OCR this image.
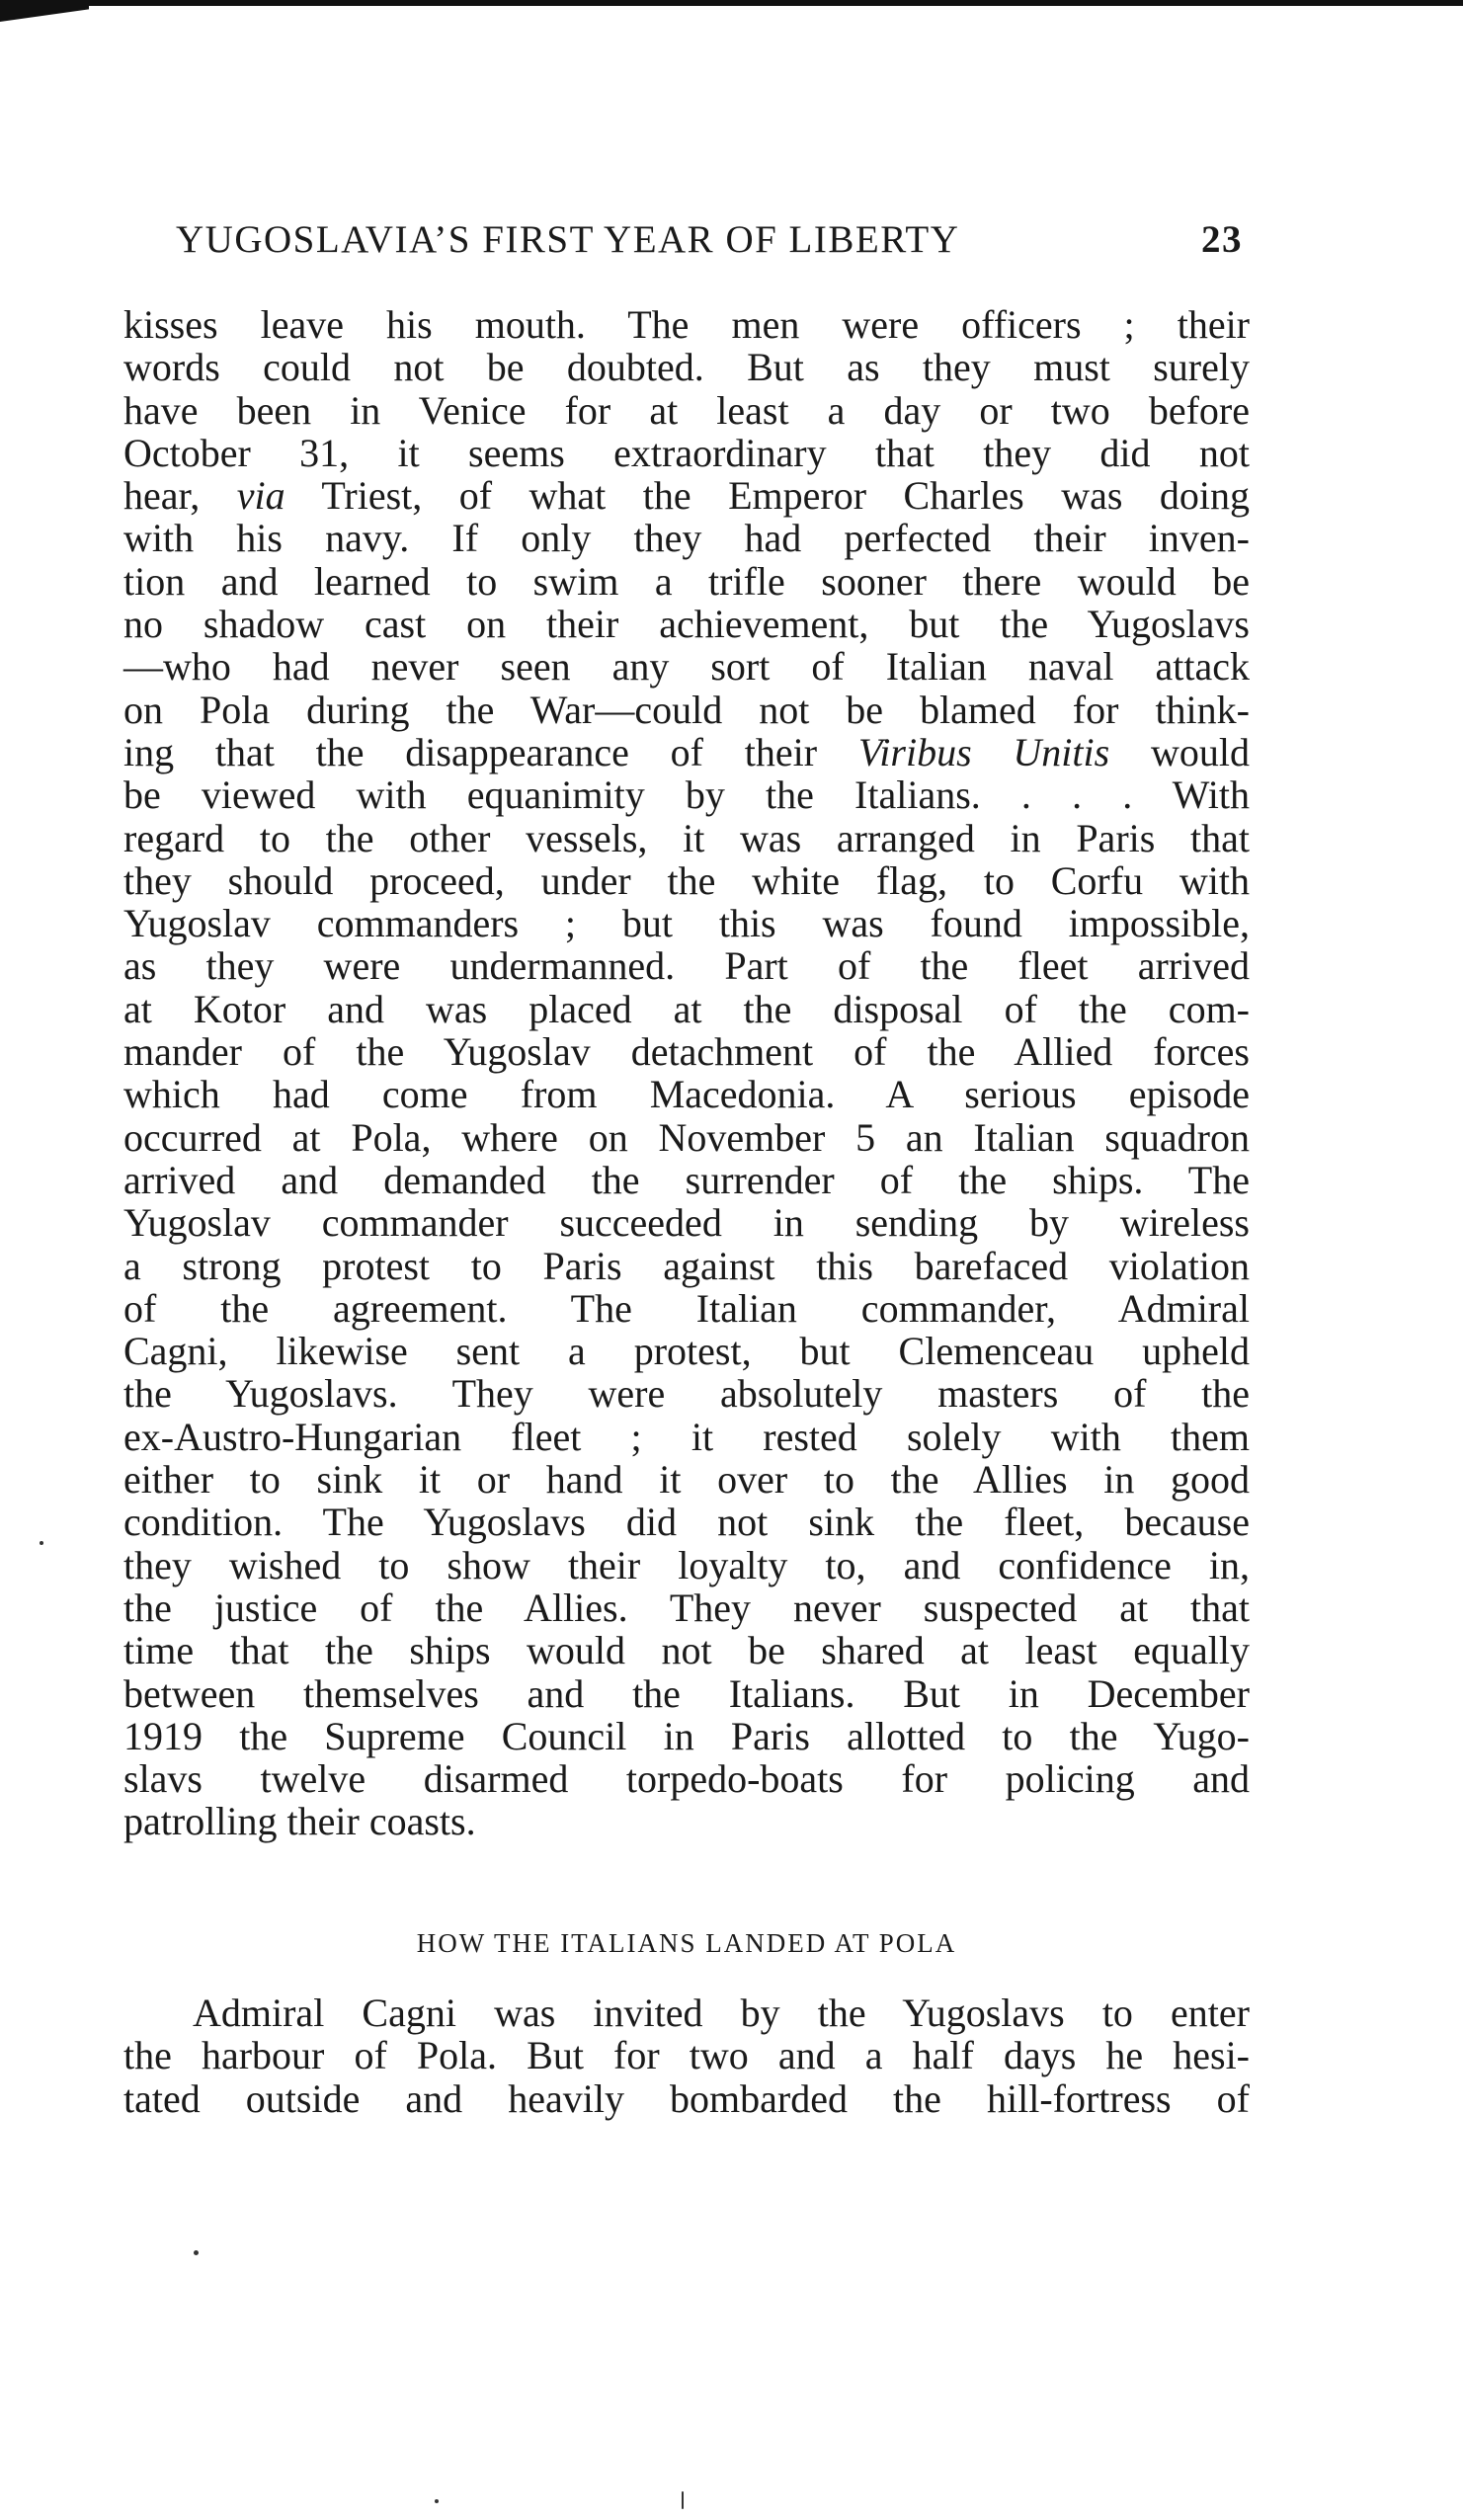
YUGOSLAVIA’S FIRST YEAR OF LIBERTY	23
kisses leave his mouth. The men were officers ; their
words could not be doubted. But as they must surely
have been in Venice for at least a day or two before
October 31, it seems extraordinary that they did not
hear, via Triest, of what the Emperor Charles was doing
with his navy. If only they had perfected their inven-
tion and learned to swim a trifle sooner there would be
no shadow cast on their achievement, but the Yugoslavs
—who had never seen any sort of Italian naval attack
on Pola during the War—could not be blamed for think-
ing that the disappearance of their Viribus Unitis would
be viewed with equanimity by the Italians. . . . With
regard to the other vessels, it was arranged in Paris that
they should proceed, under the white flag, to Corfu with
Yugoslav commanders ; but this was found impossible,
as they were undermanned. Part of the fleet arrived
at Kotor and was placed at the disposal of the com-
mander of the Yugoslav detachment of the Allied forces
which had come from Macedonia. A serious episode
occurred at Pola, where on November 5 an Italian squadron
arrived and demanded the surrender of the ships. The
Yugoslav commander succeeded in sending by wireless
a strong protest to Paris against this barefaced violation
of the agreement. The Italian commander, Admiral
Cagni, likewise sent a protest, but Clemenceau upheld
the Yugoslavs. They were absolutely masters of the
ex-Austro-Hungarian fleet ; it rested solely with them
either to sink it or hand it over to the Allies in good
condition. The Yugoslavs did not sink the fleet, because
they wished to show their loyalty to, and confidence in,
the justice of the Allies. They never suspected at that
time that the ships would not be shared at least equally
between themselves and the Italians. But in December
1919 the Supreme Council in Paris allotted to the Yugo-
slavs twelve disarmed torpedo-boats for policing and
patrolling their coasts.
HOW THE ITALIANS LANDED AT POLA
Admiral Cagni was invited by the Yugoslavs to enter
the harbour of Pola. But for two and a half days he hesi-
tated outside and heavily bombarded the hill-fortress of
